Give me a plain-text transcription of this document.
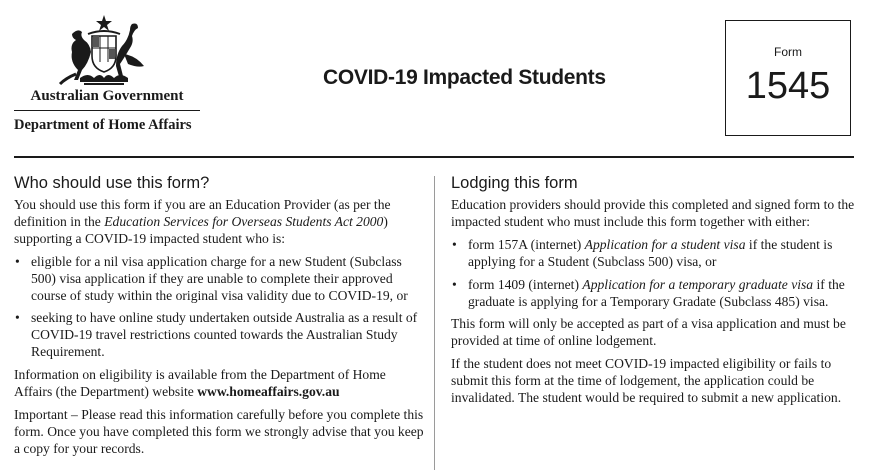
Australian Government
Department of Home Affairs
COVID-19 Impacted Students
Form
1545
Who should use this form?

You should use this form if you are an Education Provider (as per the definition in the Education Services for Overseas Students Act 2000) supporting a COVID-19 impacted student who is:

• eligible for a nil visa application charge for a new Student (Subclass 500) visa application if they are unable to complete their approved course of study within the original visa validity due to COVID-19, or
• seeking to have online study undertaken outside Australia as a result of COVID-19 travel restrictions counted towards the Australian Study Requirement.

Information on eligibility is available from the Department of Home Affairs (the Department) website www.homeaffairs.gov.au

Important – Please read this information carefully before you complete this form. Once you have completed this form we strongly advise that you keep a copy for your records.

Lodging this form

Education providers should provide this completed and signed form to the impacted student who must include this form together with either:

• form 157A (internet) Application for a student visa if the student is applying for a Student (Subclass 500) visa, or
• form 1409 (internet) Application for a temporary graduate visa if the graduate is applying for a Temporary Gradate (Subclass 485) visa.

This form will only be accepted as part of a visa application and must be provided at time of online lodgement.

If the student does not meet COVID-19 impacted eligibility or fails to submit this form at the time of lodgement, the application could be invalidated. The student would be required to submit a new application.
